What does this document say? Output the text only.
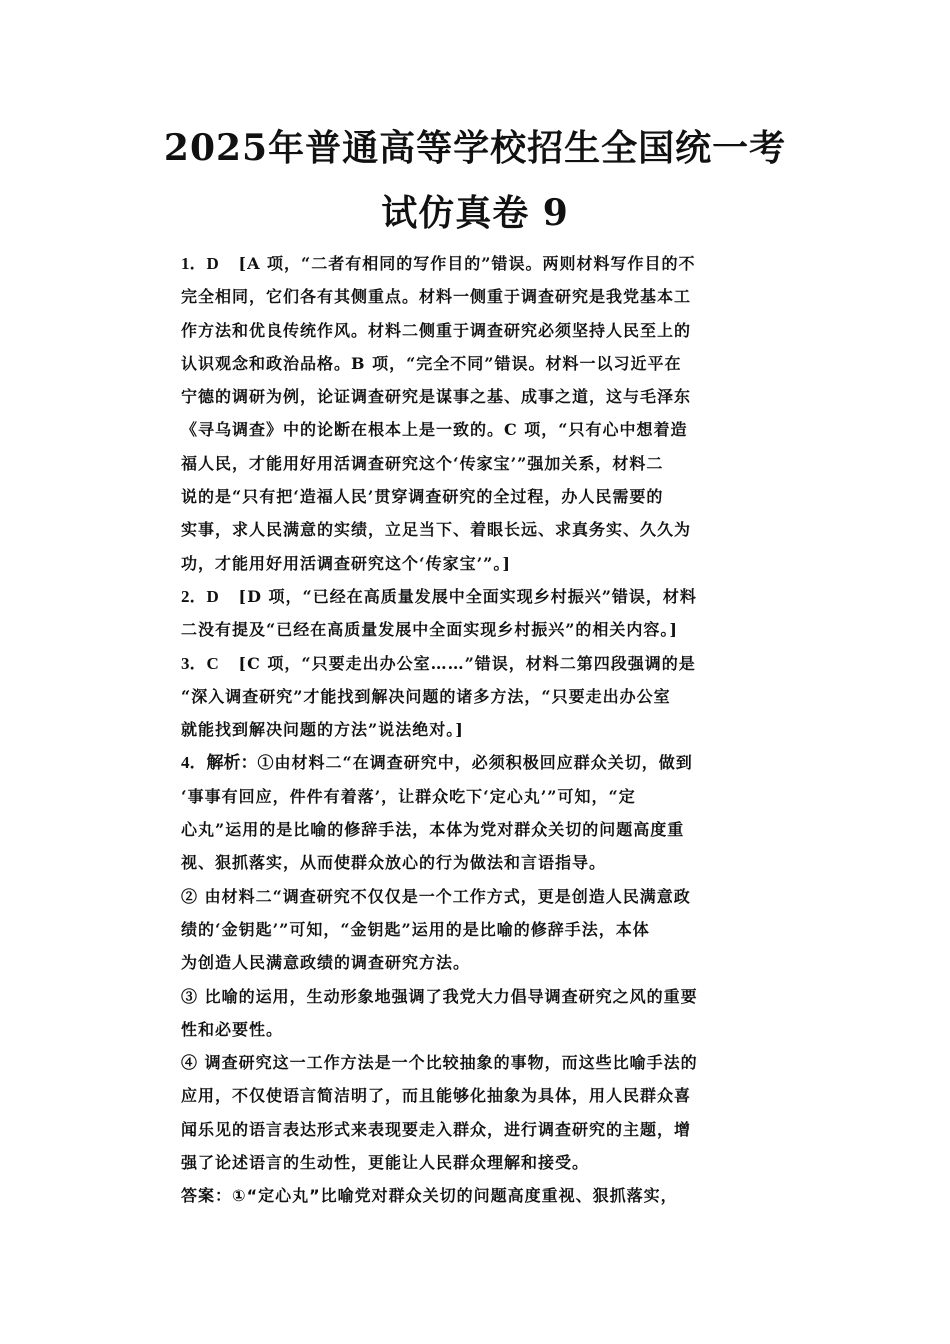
2025年普通高等学校招生全国统一考
试仿真卷 9
1．D [A 项，“二者有相同的写作目的”错误。两则材料写作目的不
完全相同，它们各有其侧重点。材料一侧重于调查研究是我党基本工
作方法和优良传统作风。材料二侧重于调查研究必须坚持人民至上的
认识观念和政治品格。B 项，“完全不同”错误。材料一以习近平在
宁德的调研为例，论证调查研究是谋事之基、成事之道，这与毛泽东
《寻乌调查》中的论断在根本上是一致的。C 项，“只有心中想着造
福人民，才能用好用活调查研究这个‘传家宝’”强加关系，材料二
说的是“只有把‘造福人民’贯穿调查研究的全过程，办人民需要的
实事，求人民满意的实绩，立足当下、着眼长远、求真务实、久久为
功，才能用好用活调查研究这个‘传家宝’”。]
2．D [D 项，“已经在高质量发展中全面实现乡村振兴”错误，材料
二没有提及“已经在高质量发展中全面实现乡村振兴”的相关内容。]
3．C [C 项，“只要走出办公室……”错误，材料二第四段强调的是
“深入调查研究”才能找到解决问题的诸多方法，“只要走出办公室
就能找到解决问题的方法”说法绝对。]
4．解析：①由材料二“在调查研究中，必须积极回应群众关切，做到
‘事事有回应，件件有着落’，让群众吃下‘定心丸’”可知，“定
心丸”运用的是比喻的修辞手法，本体为党对群众关切的问题高度重
视、狠抓落实，从而使群众放心的行为做法和言语指导。
② 由材料二“调查研究不仅仅是一个工作方式，更是创造人民满意政
绩的‘金钥匙’”可知，“金钥匙”运用的是比喻的修辞手法，本体
为创造人民满意政绩的调查研究方法。
③ 比喻的运用，生动形象地强调了我党大力倡导调查研究之风的重要
性和必要性。
④ 调查研究这一工作方法是一个比较抽象的事物，而这些比喻手法的
应用，不仅使语言简洁明了，而且能够化抽象为具体，用人民群众喜
闻乐见的语言表达形式来表现要走入群众，进行调查研究的主题，增
强了论述语言的生动性，更能让人民群众理解和接受。
答案：①“定心丸”比喻党对群众关切的问题高度重视、狠抓落实，
